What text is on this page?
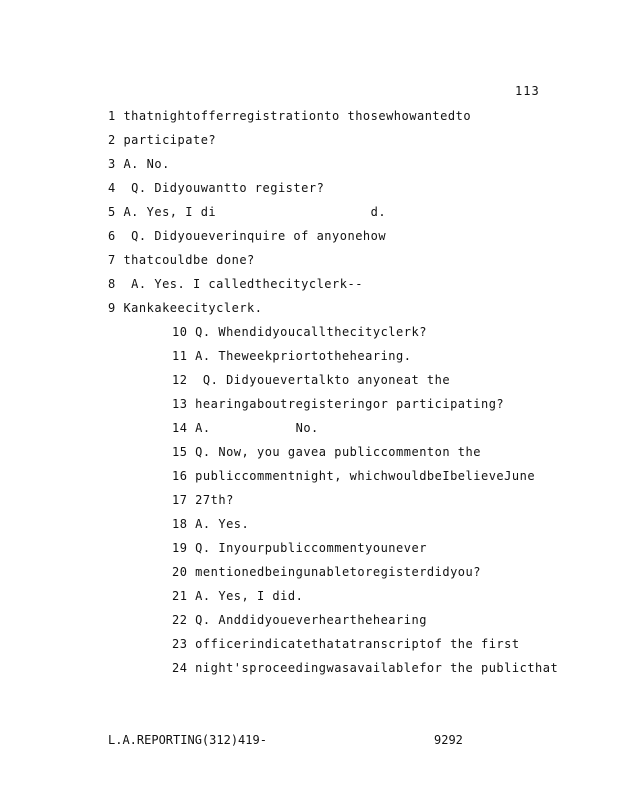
113
1 thatnightofferregistrationto thosewhowantedto
2 participate?
3 A. No.
4  Q. Didyouwantto register?
5 A. Yes, I di                    d.
6  Q. Didyoueverinquire of anyonehow
7 thatcouldbe done?
8  A. Yes. I calledthecityclerk--
9 Kankakeecityclerk.
10 Q. Whendidyoucallthecityclerk?
11 A. Theweekpriortothehearing.
12  Q. Didyouevertalkto anyoneat the
13 hearingaboutregisteringor participating?
14 A.           No.
15 Q. Now, you gavea publiccommenton the
16 publiccommentnight, whichwouldbeIbelieveJune
17 27th?
18 A. Yes.
19 Q. Inyourpubliccommentyounever
20 mentionedbeingunabletoregisterdidyou?
21 A. Yes, I did.
22 Q. Anddidyoueverhearthehearing
23 officerindicatethatatranscriptof the first
24 night'sproceedingwasavailablefor the publicthat
L.A.REPORTING(312)419-	9292
